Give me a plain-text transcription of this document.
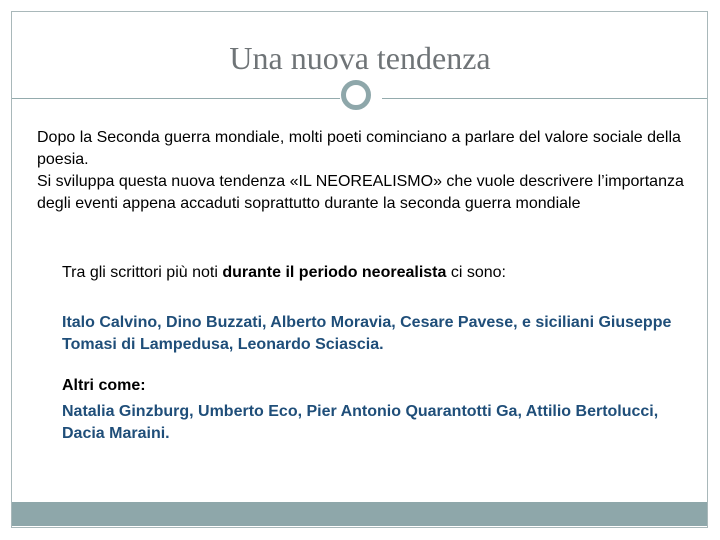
Una nuova tendenza

Dopo la Seconda guerra mondiale, molti poeti cominciano a parlare del valore sociale della poesia.

Si sviluppa questa nuova tendenza «IL NEOREALISMO» che vuole descrivere l’importanza degli eventi appena accaduti soprattutto durante la seconda guerra mondiale

Tra gli scrittori più noti durante il periodo neorealista ci sono:
Italo Calvino, Dino Buzzati, Alberto Moravia, Cesare Pavese, e siciliani Giuseppe Tomasi di Lampedusa, Leonardo Sciascia.
Altri come:
Natalia Ginzburg, Umberto Eco, Pier Antonio Quarantotti Ga, Attilio Bertolucci, Dacia Maraini.
